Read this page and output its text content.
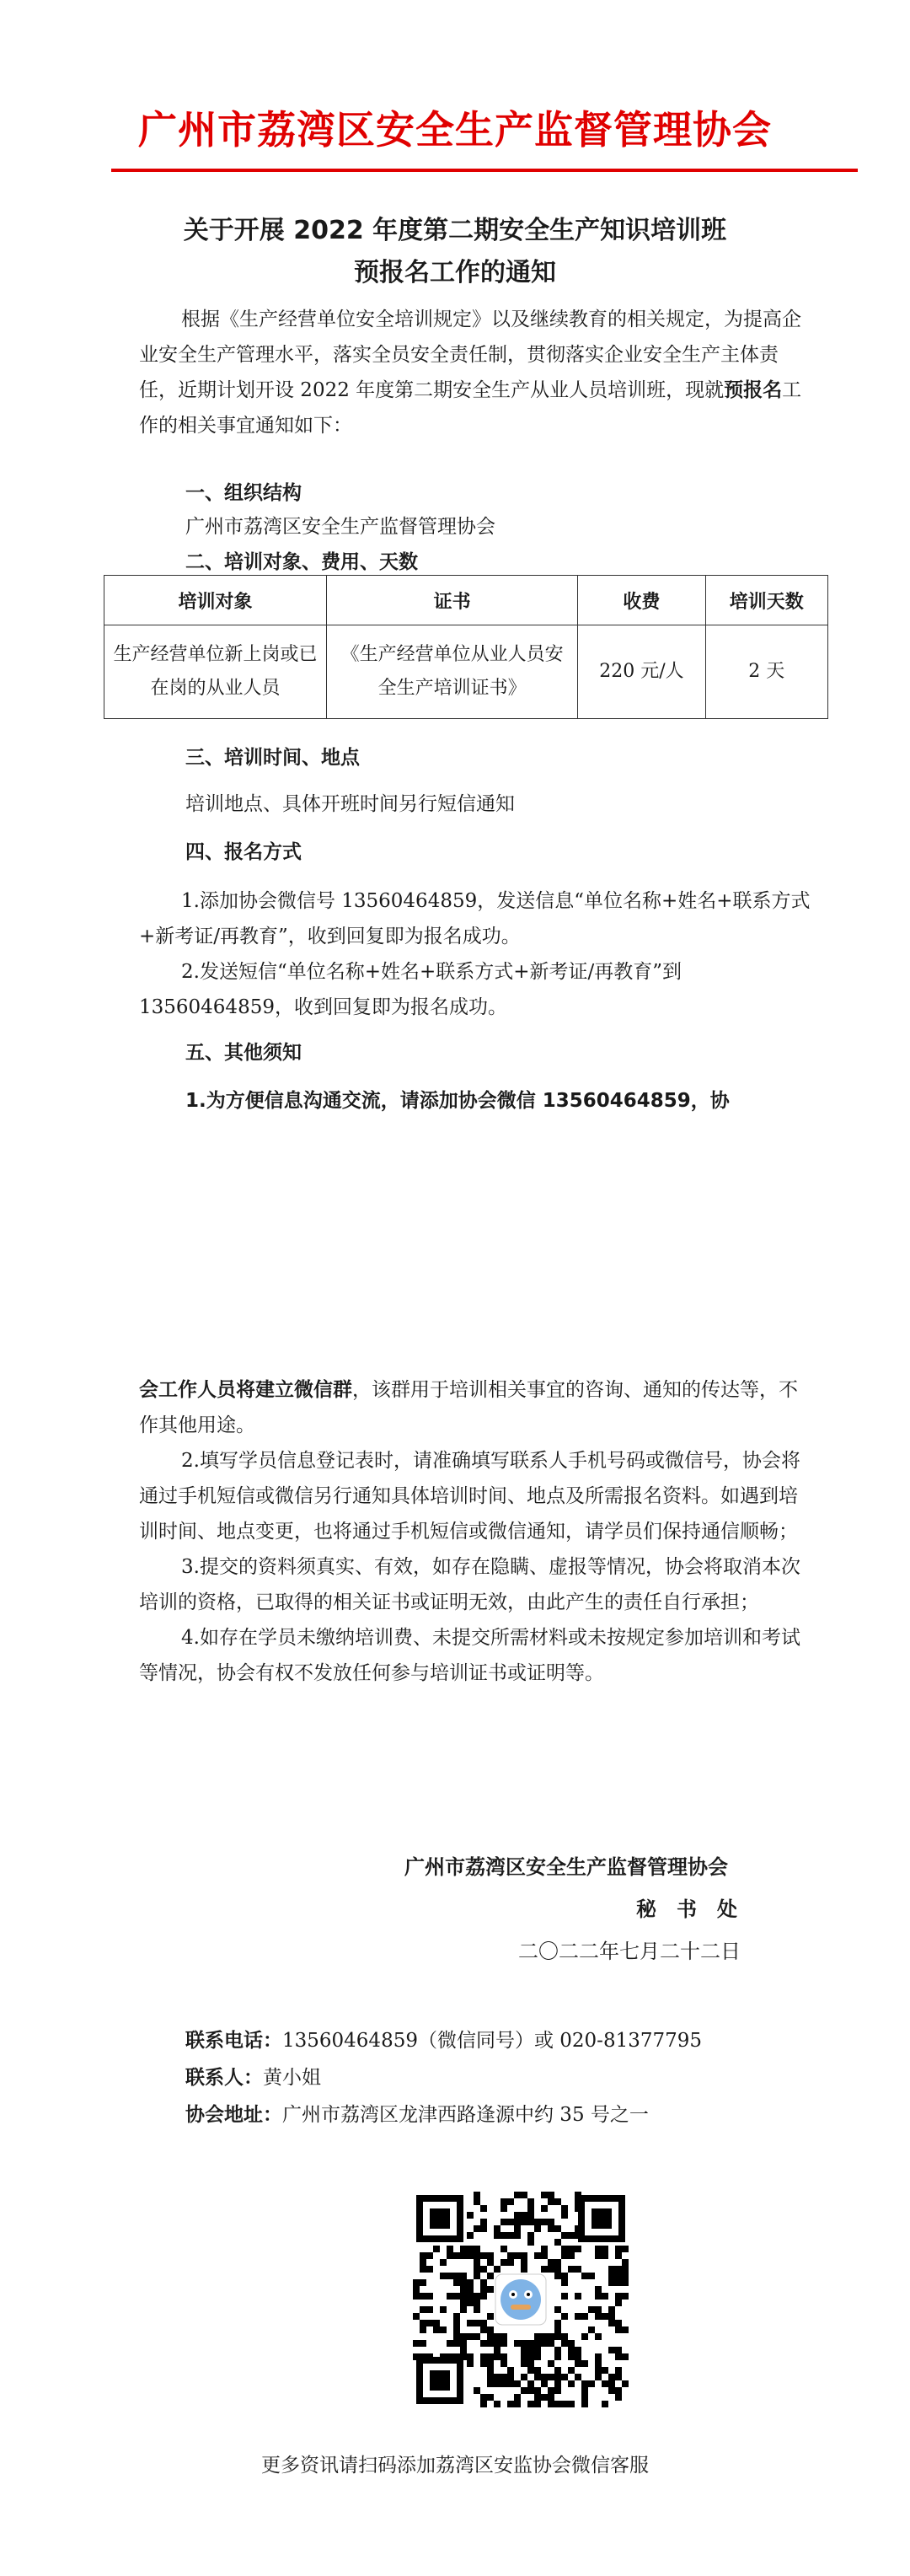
广州市荔湾区安全生产监督管理协会
关于开展 2022 年度第二期安全生产知识培训班
预报名工作的通知

根据《生产经营单位安全培训规定》以及继续教育的相关规定，为提高企业安全生产管理水平，落实全员安全责任制，贯彻落实企业安全生产主体责任，近期计划开设 2022 年度第二期安全生产从业人员培训班，现就预报名工作的相关事宜通知如下：

一、组织结构
广州市荔湾区安全生产监督管理协会
二、培训对象、费用、天数
培训对象	证书	收费	培训天数
生产经营单位新上岗或已在岗的从业人员	《生产经营单位从业人员安全生产培训证书》	220 元/人	2 天
三、培训时间、地点
培训地点、具体开班时间另行短信通知
四、报名方式

1.添加协会微信号 13560464859，发送信息“单位名称+姓名+联系方式+新考证/再教育”，收到回复即为报名成功。

2.发送短信“单位名称+姓名+联系方式+新考证/再教育”到 13560464859，收到回复即为报名成功。

五、其他须知
1.为方便信息沟通交流，请添加协会微信 13560464859，协

会工作人员将建立微信群，该群用于培训相关事宜的咨询、通知的传达等，不作其他用途。

2.填写学员信息登记表时，请准确填写联系人手机号码或微信号，协会将通过手机短信或微信另行通知具体培训时间、地点及所需报名资料。如遇到培训时间、地点变更，也将通过手机短信或微信通知，请学员们保持通信顺畅；

3.提交的资料须真实、有效，如存在隐瞒、虚报等情况，协会将取消本次培训的资格，已取得的相关证书或证明无效，由此产生的责任自行承担；

4.如存在学员未缴纳培训费、未提交所需材料或未按规定参加培训和考试等情况，协会有权不发放任何参与培训证书或证明等。

广州市荔湾区安全生产监督管理协会
秘　书　处
二〇二二年七月二十二日
联系电话：13560464859（微信同号）或 020-81377795
联系人：黄小姐
协会地址：广州市荔湾区龙津西路逢源中约 35 号之一
更多资讯请扫码添加荔湾区安监协会微信客服
